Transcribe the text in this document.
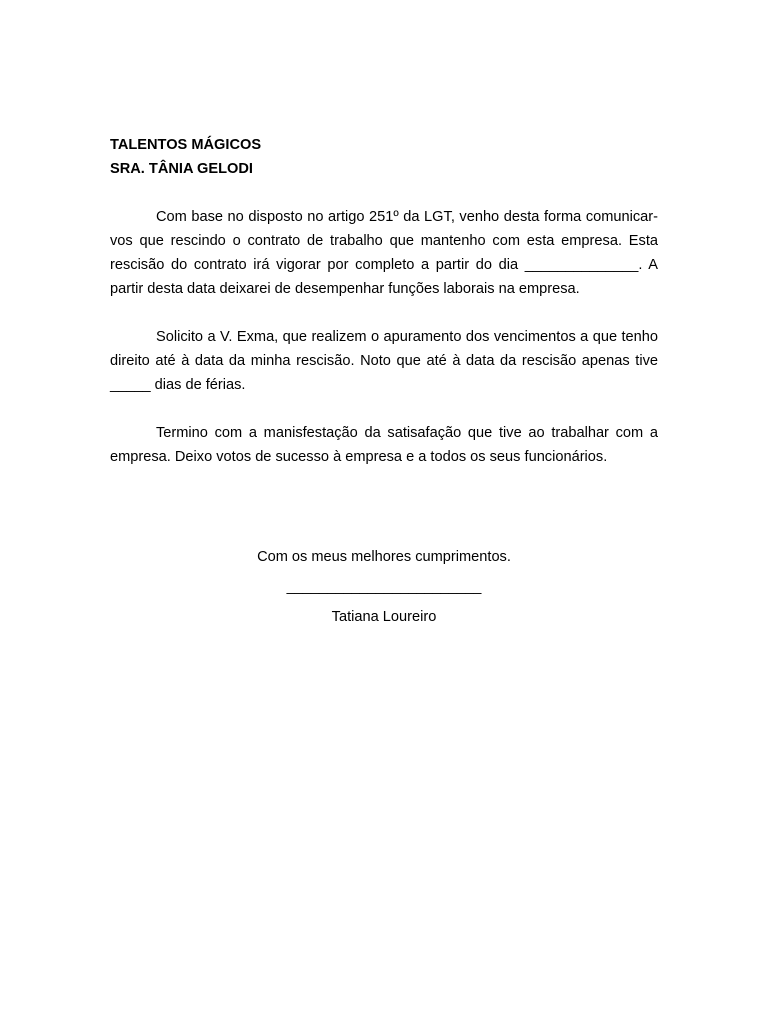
TALENTOS MÁGICOS
SRA. TÂNIA GELODI

Com base no disposto no artigo 251º da LGT, venho desta forma comunicar-vos que rescindo o contrato de trabalho que mantenho com esta empresa. Esta rescisão do contrato irá vigorar por completo a partir do dia ______________. A partir desta data deixarei de desempenhar funções laborais na empresa.

Solicito a V. Exma, que realizem o apuramento dos vencimentos a que tenho direito até à data da minha rescisão. Noto que até à data da rescisão apenas tive _____ dias de férias.

Termino com a manisfestação da satisafação que tive ao trabalhar com a empresa. Deixo votos de sucesso à empresa e a todos os seus funcionários.

Com os meus melhores cumprimentos.
________________________
Tatiana Loureiro
